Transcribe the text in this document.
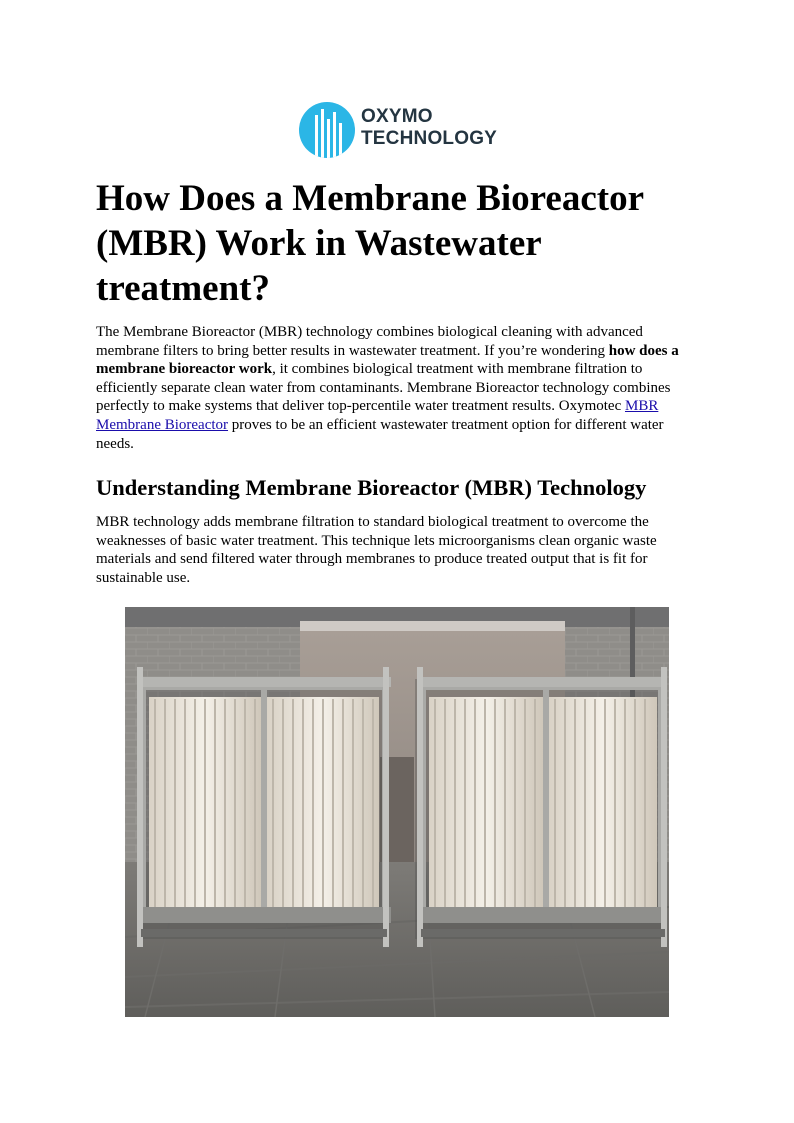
OXYMO
TECHNOLOGY
How Does a Membrane Bioreactor (MBR) Work in Wastewater treatment?

The Membrane Bioreactor (MBR) technology combines biological cleaning with advanced membrane filters to bring better results in wastewater treatment. If you’re wondering how does a membrane bioreactor work, it combines biological treatment with membrane filtration to efficiently separate clean water from contaminants. Membrane Bioreactor technology combines perfectly to make systems that deliver top-percentile water treatment results. Oxymotec MBR Membrane Bioreactor proves to be an efficient wastewater treatment option for different water needs.

Understanding Membrane Bioreactor (MBR) Technology

MBR technology adds membrane filtration to standard biological treatment to overcome the weaknesses of basic water treatment. This technique lets microorganisms clean organic waste materials and send filtered water through membranes to produce treated output that is fit for sustainable use.
